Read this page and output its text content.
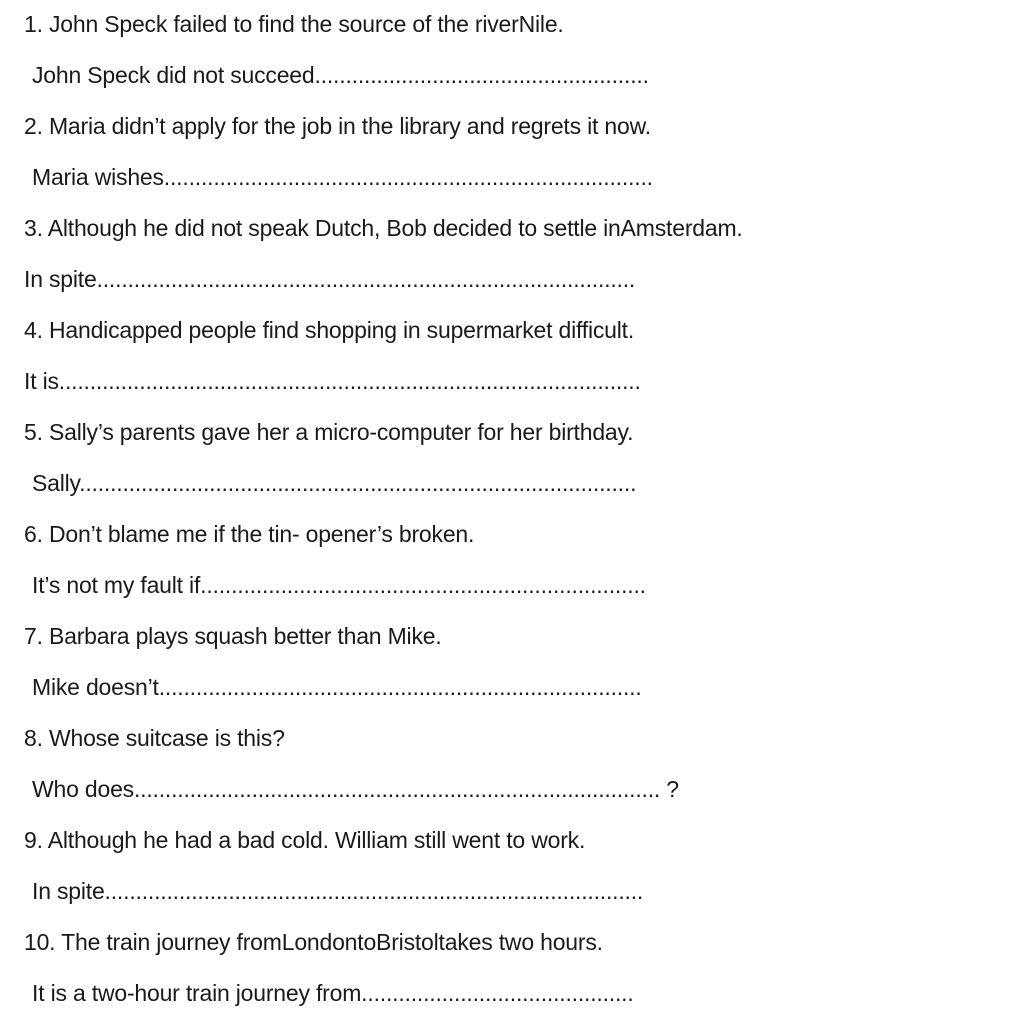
1. John Speck failed to find the source of the riverNile.
John Speck did not succeed......................................................
2. Maria didn’t apply for the job in the library and regrets it now.
Maria wishes...............................................................................
3. Although he did not speak Dutch, Bob decided to settle inAmsterdam.
In spite.......................................................................................
4. Handicapped people find shopping in supermarket difficult.
It is..............................................................................................
5. Sally’s parents gave her a micro-computer for her birthday.
Sally..........................................................................................
6. Don’t blame me if the tin- opener’s broken.
It’s not my fault if........................................................................
7. Barbara plays squash better than Mike.
Mike doesn’t..............................................................................
8. Whose suitcase is this?
Who does..................................................................................... ?
9. Although he had a bad cold. William still went to work.
In spite.......................................................................................
10. The train journey fromLondontoBristoltakes two hours.
It is a two-hour train journey from............................................
